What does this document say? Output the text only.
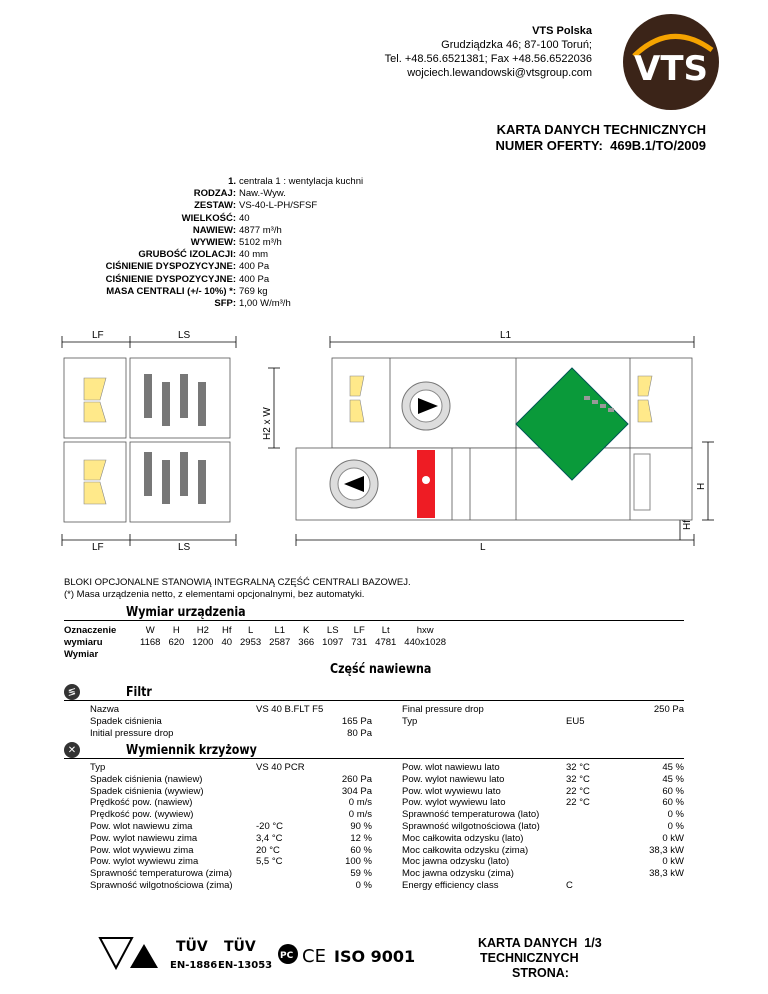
VTS Polska
Grudziądzka 46; 87-100 Toruń;
Tel. +48.56.6521381; Fax +48.56.6522036
wojciech.lewandowski@vtsgroup.com VTS
KARTA DANYCH TECHNICZNYCH
NUMER OFERTY: 469B.1/TO/2009
1. centrala 1 : wentylacja kuchni
RODZAJ: Naw.-Wyw.
ZESTAW: VS-40-L-PH/SFSF
WIELKOŚĆ: 40
NAWIEW: 4877 m³/h
WYWIEW: 5102 m³/h
GRUBOŚĆ IZOLACJI: 40 mm
CIŚNIENIE DYSPOZYCYJNE: 400 Pa
CIŚNIENIE DYSPOZYCYJNE: 400 Pa
MASA CENTRALI (+/- 10%) *: 769 kg
SFP: 1,00 W/m³/h
LF	LS	L1
LF	LS	L
H2 x W
H
Hf
BLOKI OPCJONALNE STANOWIĄ INTEGRALNĄ CZĘŚĆ CENTRALI BAZOWEJ.
(*) Masa urządzenia netto, z elementami opcjonalnymi, bez automatyki.
Wymiar urządzenia
Oznaczenie	W	H	H2	Hf	L	L1	K	LS	LF	Lt	hxw
wymiaru	1168	620	1200	40	2953	2587	366	1097	731	4781	440x1028
Wymiar											
Część nawiewna
≶	Filtr
Nazwa	VS 40 B.FLT F5
Spadek ciśnienia	165 Pa
Initial pressure drop	80 Pa
Final pressure drop	250 Pa
Typ	EU5
✕	Wymiennik krzyżowy
Typ	VS 40 PCR
Spadek ciśnienia (nawiew)	260 Pa
Spadek ciśnienia (wywiew)	304 Pa
Prędkość pow. (nawiew)	0 m/s
Prędkość pow. (wywiew)	0 m/s
Pow. wlot nawiewu zima	-20 °C	90 %
Pow. wylot nawiewu zima	3,4 °C	12 %
Pow. wlot wywiewu zima	20 °C	60 %
Pow. wylot wywiewu zima	5,5 °C	100 %
Sprawność temperaturowa (zima)	59 %
Sprawność wilgotnościowa (zima)	0 %
Pow. wlot nawiewu lato	32 °C	45 %
Pow. wylot nawiewu lato	32 °C	45 %
Pow. wlot wywiewu lato	22 °C	60 %
Pow. wylot wywiewu lato	22 °C	60 %
Sprawność temperaturowa (lato)	0 %
Sprawność wilgotnościowa (lato)	0 %
Moc całkowita odzysku (lato)	0 kW
Moc całkowita odzysku (zima)	38,3 kW
Moc jawna odzysku (lato)	0 kW
Moc jawna odzysku (zima)	38,3 kW
Energy efficiency class	C
TÜV
EN-1886
TÜV
EN-13053
PC CE ISO 9001
KARTA DANYCH 1/3
TECHNICZNYCH
STRONA:
